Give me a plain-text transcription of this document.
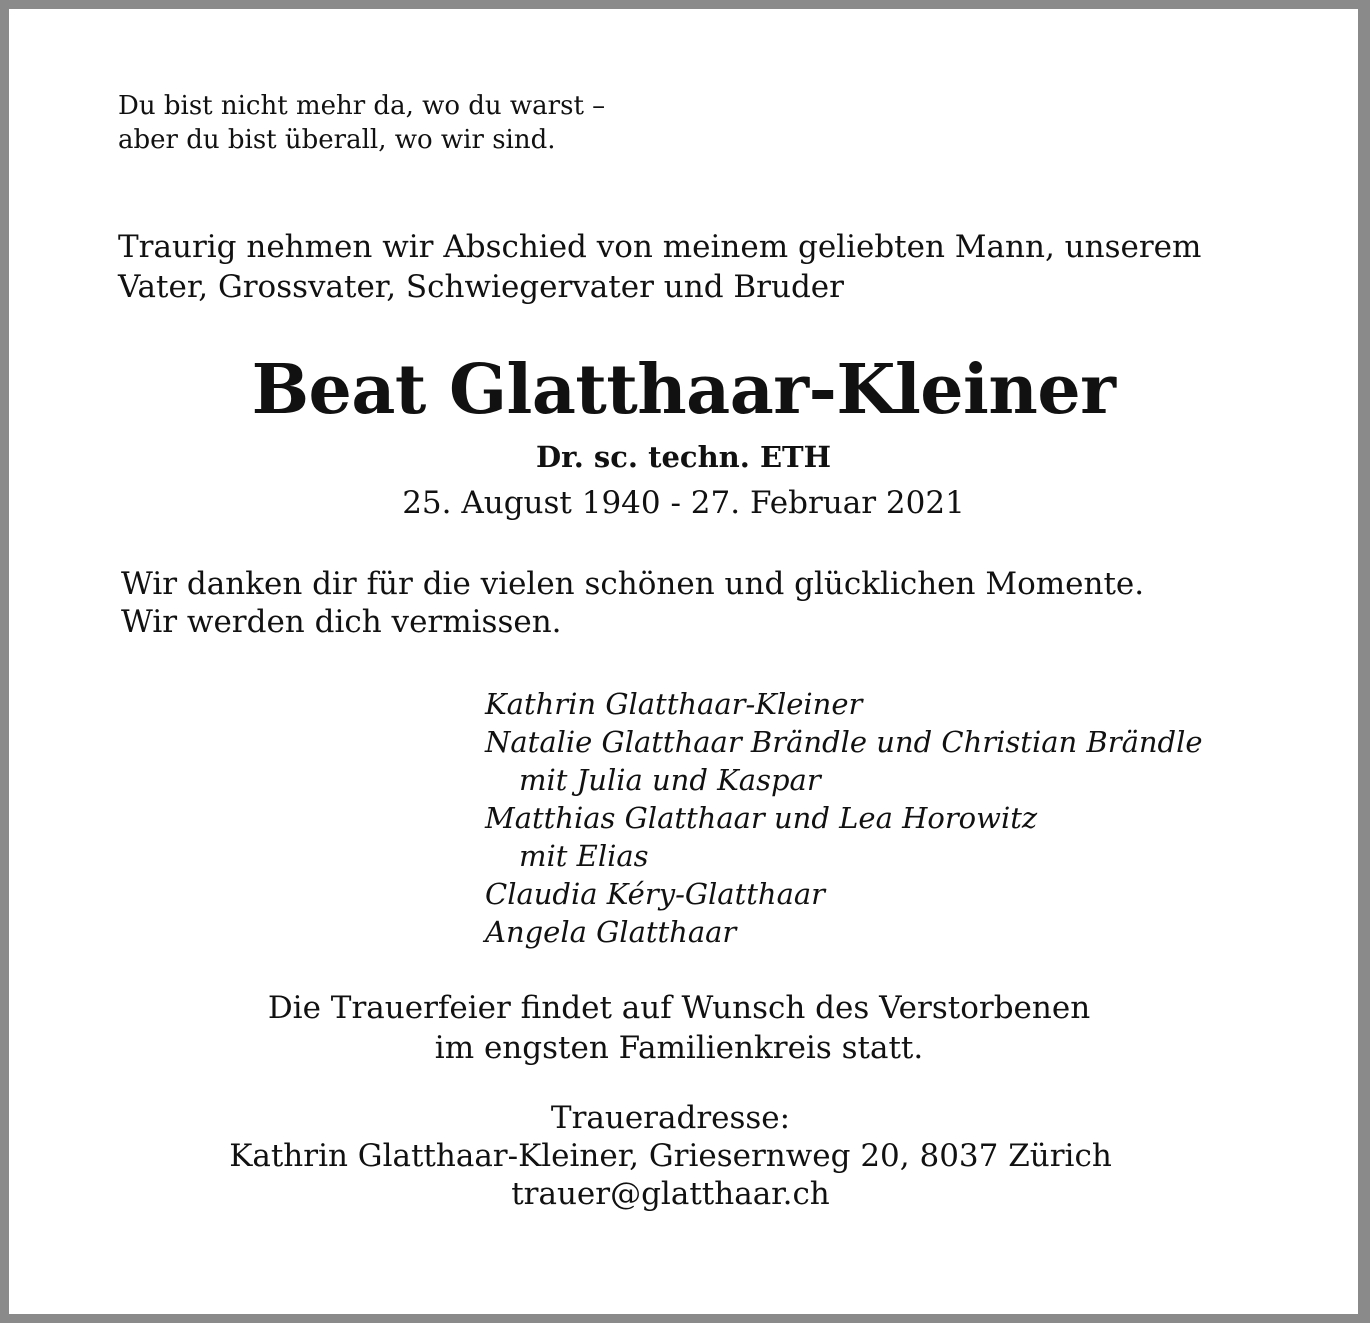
Du bist nicht mehr da, wo du warst –
aber du bist überall, wo wir sind.
Traurig nehmen wir Abschied von meinem geliebten Mann, unserem
Vater, Grossvater, Schwiegervater und Bruder
Beat Glatthaar-Kleiner
Dr. sc. techn. ETH
25. August 1940 - 27. Februar 2021
Wir danken dir für die vielen schönen und glücklichen Momente.
Wir werden dich vermissen.
Kathrin Glatthaar-Kleiner
Natalie Glatthaar Brändle und Christian Brändle
mit Julia und Kaspar
Matthias Glatthaar und Lea Horowitz
mit Elias
Claudia Kéry-Glatthaar
Angela Glatthaar
Die Trauerfeier findet auf Wunsch des Verstorbenen
im engsten Familienkreis statt.
Traueradresse:
Kathrin Glatthaar-Kleiner, Griesernweg 20, 8037 Zürich
trauer@glatthaar.ch
